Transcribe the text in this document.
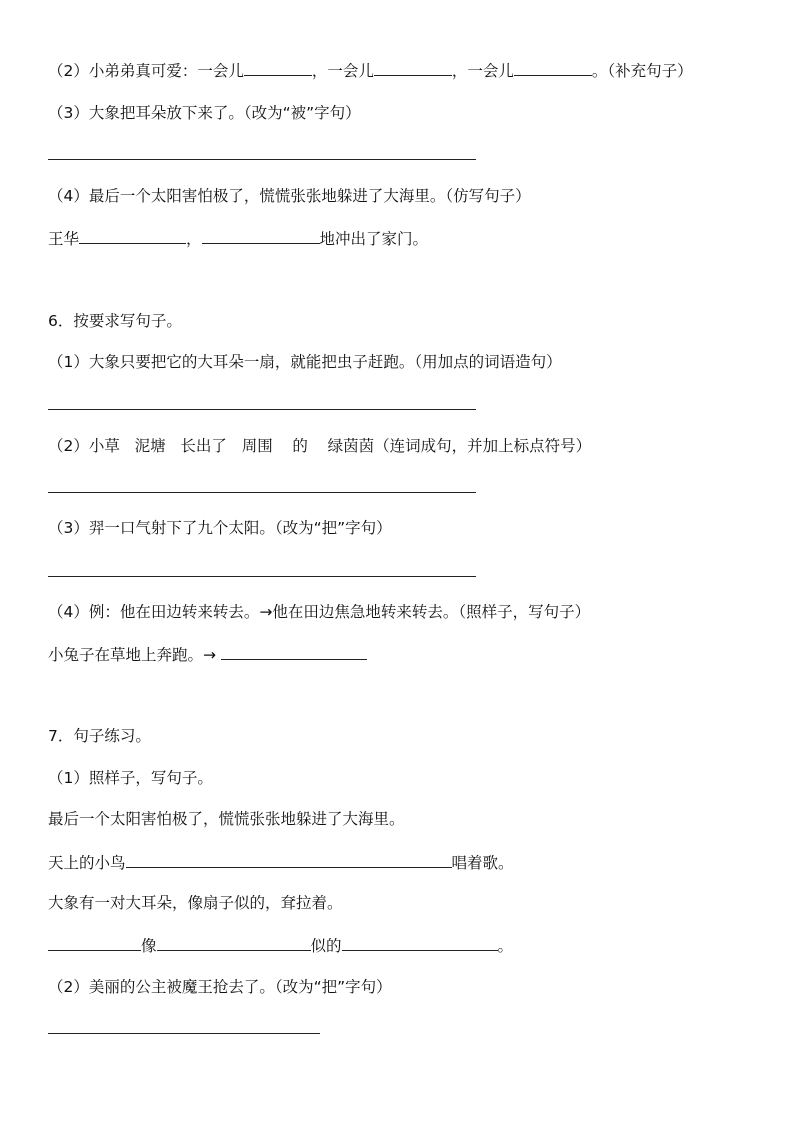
（2）小弟弟真可爱：一会儿	，一会儿	，一会儿	。（补充句子）
（3）大象把耳朵放下来了。（改为“被”字句）
（4）最后一个太阳害怕极了，慌慌张张地躲进了大海里。（仿写句子）
王华	，	地冲出了家门。
6．按要求写句子。
（1）大象只要把它的大耳朵一扇，就能把虫子赶跑。（用加点的词语造句）
（2）小草   泥塘   长出了   周围    的    绿茵茵（连词成句，并加上标点符号）
（3）羿一口气射下了九个太阳。（改为“把”字句）
（4）例：他在田边转来转去。→他在田边焦急地转来转去。（照样子，写句子）
小兔子在草地上奔跑。→
7．句子练习。
（1）照样子，写句子。
最后一个太阳害怕极了，慌慌张张地躲进了大海里。
天上的小鸟	唱着歌。
大象有一对大耳朵，像扇子似的，耷拉着。
像	似的	。
（2）美丽的公主被魔王抢去了。（改为“把”字句）
